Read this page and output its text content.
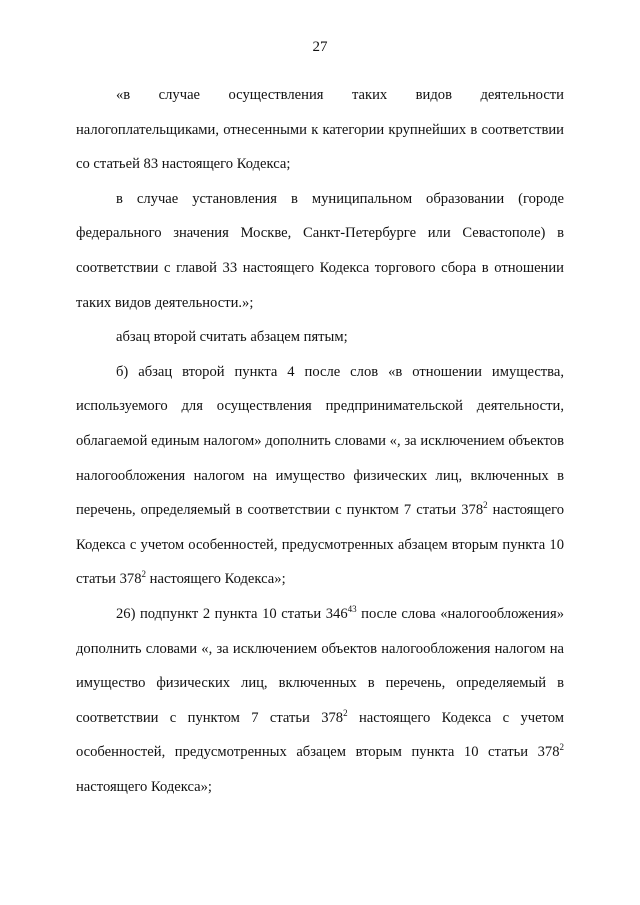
27

«в случае осуществления таких видов деятельности налогоплательщиками, отнесенными к категории крупнейших в соответствии со статьей 83 настоящего Кодекса;

в случае установления в муниципальном образовании (городе федерального значения Москве, Санкт-Петербурге или Севастополе) в соответствии с главой 33 настоящего Кодекса торгового сбора в отношении таких видов деятельности.»;

абзац второй считать абзацем пятым;

б) абзац второй пункта 4 после слов «в отношении имущества, используемого для осуществления предпринимательской деятельности, облагаемой единым налогом» дополнить словами «, за исключением объектов налогообложения налогом на имущество физических лиц, включенных в перечень, определяемый в соответствии с пунктом 7 статьи $378^2$ настоящего Кодекса с учетом особенностей, предусмотренных абзацем вторым пункта 10 статьи $378^2$ настоящего Кодекса»;

26) подпункт 2 пункта 10 статьи $346^{43}$ после слова «налогообложения» дополнить словами «, за исключением объектов налогообложения налогом на имущество физических лиц, включенных в перечень, определяемый в соответствии с пунктом 7 статьи $378^2$ настоящего Кодекса с учетом особенностей, предусмотренных абзацем вторым пункта 10 статьи $378^2$ настоящего Кодекса»;
